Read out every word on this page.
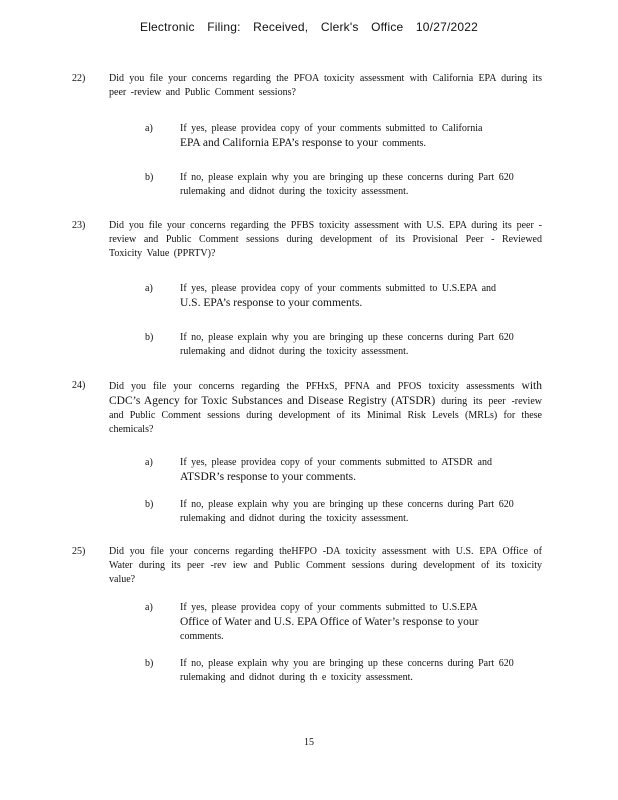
Electronic Filing: Received, Clerk's Office 10/27/2022
22) Did you file your concerns regarding the PFOA toxicity assessment with California EPA during its peer -review and Public Comment sessions?
a)	If yes, please providea copy of your comments submitted to California
EPA and California EPA’s response to your comments.
b)	If no, please explain why you are bringing up these concerns during Part 620 rulemaking and didnot during the toxicity assessment.
23) Did you file your concerns regarding the PFBS toxicity assessment with U.S. EPA during its peer -review and Public Comment sessions during development of its Provisional Peer - Reviewed Toxicity Value (PPRTV)?
a)	If yes, please providea copy of your comments submitted to U.S.EPA and
U.S. EPA’s response to your comments.
b)	If no, please explain why you are bringing up these concerns during Part 620 rulemaking and didnot during the toxicity assessment.
24) Did you file your concerns regarding the PFHxS, PFNA and PFOS toxicity assessments with CDC’s Agency for Toxic Substances and Disease Registry (ATSDR) during its peer -review and Public Comment sessions during development of its Minimal Risk Levels (MRLs) for these chemicals?
a)	If yes, please providea copy of your comments submitted to ATSDR and
ATSDR’s response to your comments.
b)	If no, please explain why you are bringing up these concerns during Part 620 rulemaking and didnot during the toxicity assessment.
25) Did you file your concerns regarding theHFPO -DA toxicity assessment with U.S. EPA Office of Water during its peer -rev iew and Public Comment sessions during development of its toxicity value?
a)	If yes, please providea copy of your comments submitted to U.S.EPA
Office of Water and U.S. EPA Office of Water’s response to your
comments.
b)	If no, please explain why you are bringing up these concerns during Part 620 rulemaking and didnot during th e toxicity assessment.
15
